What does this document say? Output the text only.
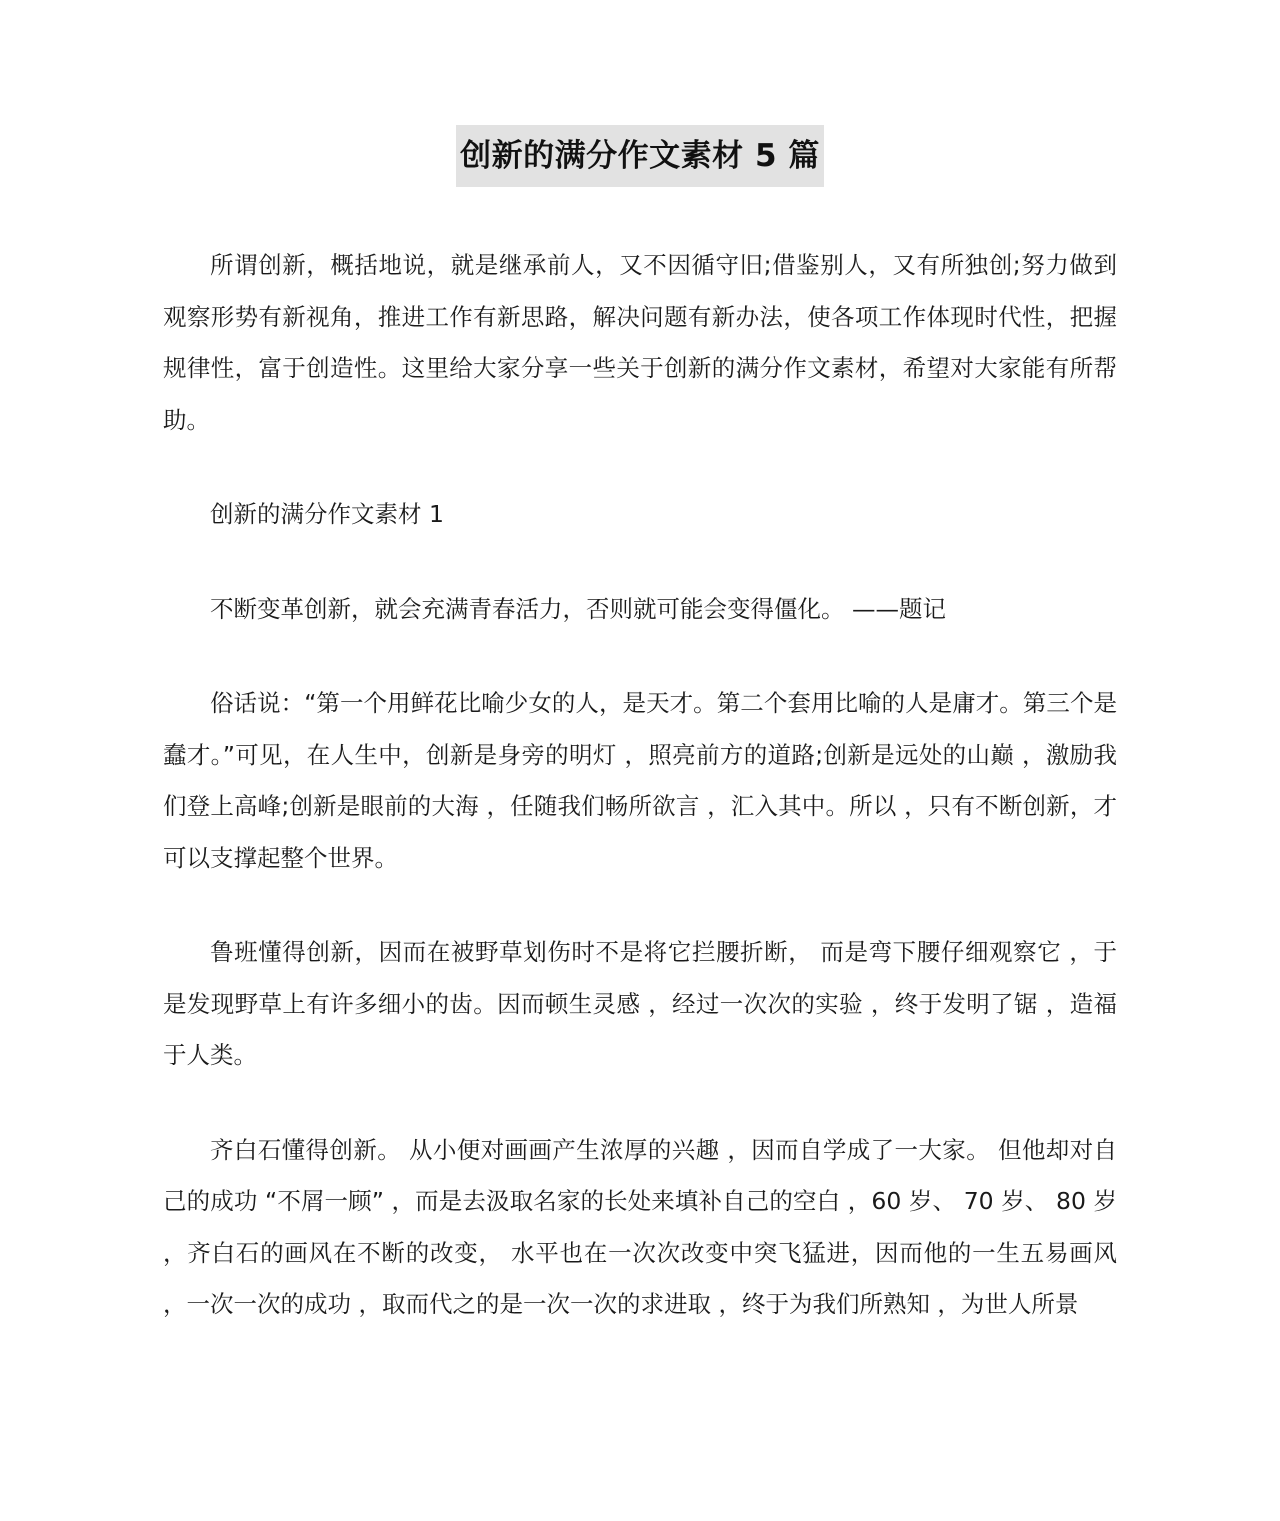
创新的满分作文素材 5 篇

所谓创新，概括地说，就是继承前人，又不因循守旧;借鉴别人，又有所独创;努力做到观察形势有新视角，推进工作有新思路，解决问题有新办法，使各项工作体现时代性，把握规律性，富于创造性。这里给大家分享一些关于创新的满分作文素材，希望对大家能有所帮助。

创新的满分作文素材 1

不断变革创新，就会充满青春活力，否则就可能会变得僵化。 ——题记

俗话说：“第一个用鲜花比喻少女的人，是天才。第二个套用比喻的人是庸才。第三个是蠢才。”可见，在人生中，创新是身旁的明灯 ，照亮前方的道路;创新是远处的山巅 ，激励我们登上高峰;创新是眼前的大海 ，任随我们畅所欲言 ，汇入其中。所以 ，只有不断创新，才可以支撑起整个世界。

鲁班懂得创新，因而在被野草划伤时不是将它拦腰折断， 而是弯下腰仔细观察它 ，于是发现野草上有许多细小的齿。因而顿生灵感 ，经过一次次的实验 ，终于发明了锯 ，造福于人类。

齐白石懂得创新。 从小便对画画产生浓厚的兴趣 ，因而自学成了一大家。 但他却对自己的成功 “不屑一顾” ，而是去汲取名家的长处来填补自己的空白 ，60 岁、 70 岁、 80 岁 ，齐白石的画风在不断的改变， 水平也在一次次改变中突飞猛进，因而他的一生五易画风 ，一次一次的成功 ，取而代之的是一次一次的求进取 ，终于为我们所熟知 ，为世人所景
